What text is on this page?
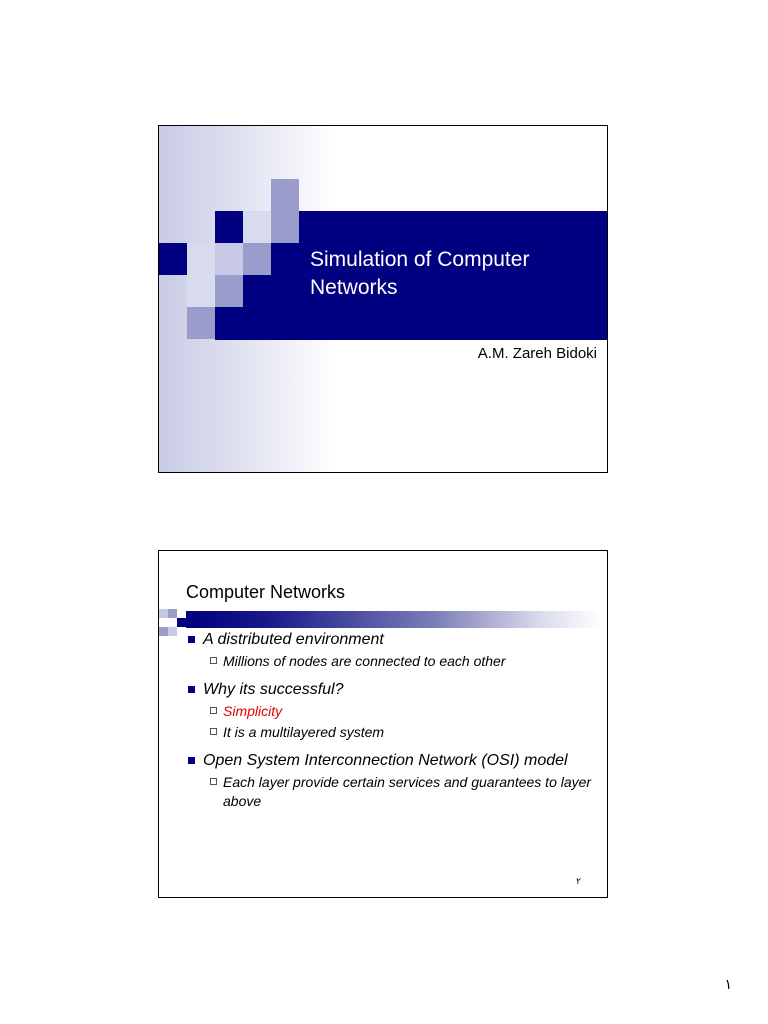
Simulation of Computer Networks
A.M. Zareh Bidoki
Computer Networks
A distributed environment
Millions of nodes are connected to each other
Why its successful?
Simplicity
It is a multilayered system
Open System Interconnection Network (OSI) model
Each layer provide certain services and guarantees to layer above
۲
۱
